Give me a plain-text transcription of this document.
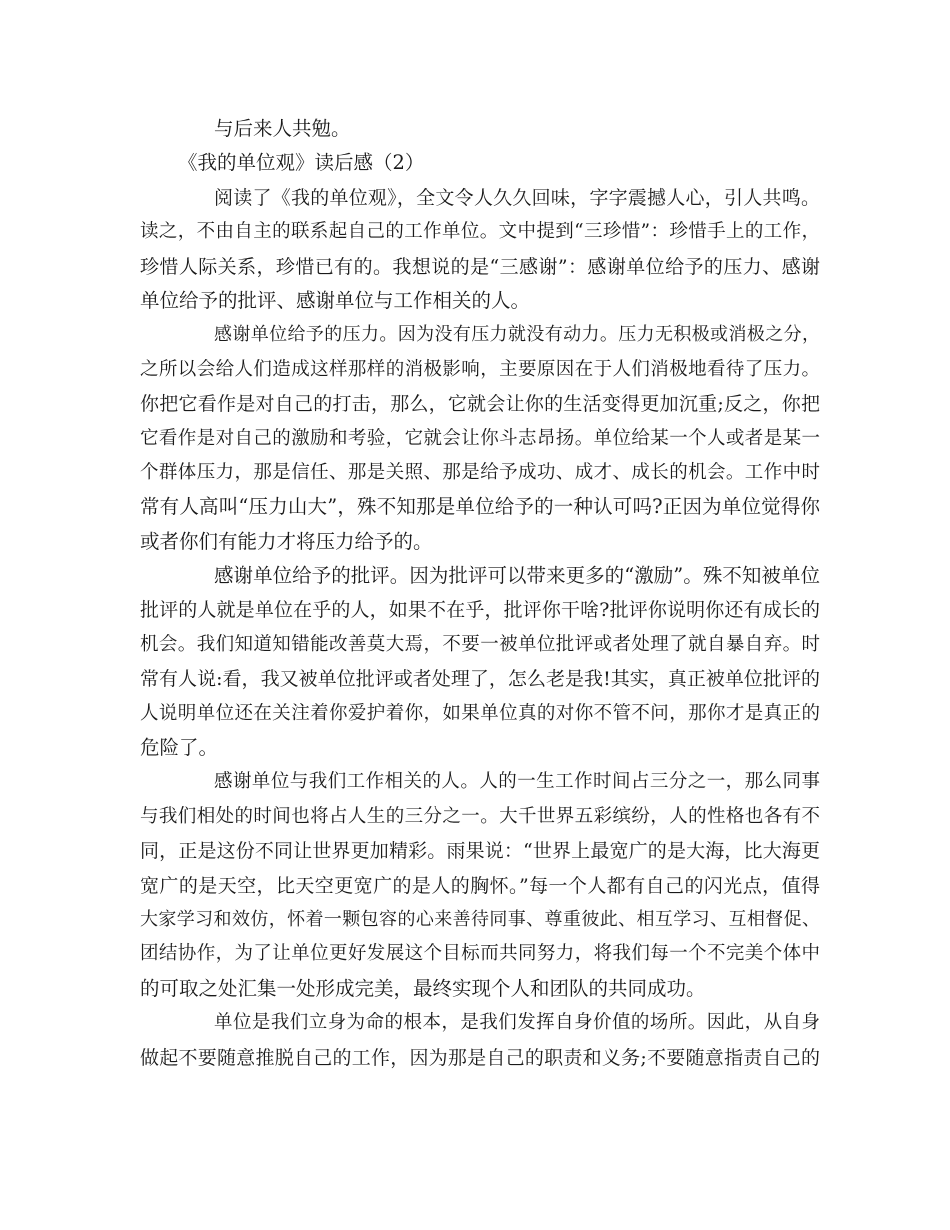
与后来人共勉。
《我的单位观》读后感（2）
阅读了《我的单位观》，全文令人久久回味，字字震撼人心，引人共鸣。
读之，不由自主的联系起自己的工作单位。文中提到“三珍惜”：珍惜手上的工作，
珍惜人际关系，珍惜已有的。我想说的是“三感谢”：感谢单位给予的压力、感谢
单位给予的批评、感谢单位与工作相关的人。
感谢单位给予的压力。因为没有压力就没有动力。压力无积极或消极之分，
之所以会给人们造成这样那样的消极影响，主要原因在于人们消极地看待了压力。
你把它看作是对自己的打击，那么，它就会让你的生活变得更加沉重;反之，你把
它看作是对自己的激励和考验，它就会让你斗志昂扬。单位给某一个人或者是某一
个群体压力，那是信任、那是关照、那是给予成功、成才、成长的机会。工作中时
常有人高叫“压力山大”，殊不知那是单位给予的一种认可吗?正因为单位觉得你
或者你们有能力才将压力给予的。
感谢单位给予的批评。因为批评可以带来更多的“激励”。殊不知被单位
批评的人就是单位在乎的人，如果不在乎，批评你干啥?批评你说明你还有成长的
机会。我们知道知错能改善莫大焉，不要一被单位批评或者处理了就自暴自弃。时
常有人说:看，我又被单位批评或者处理了，怎么老是我!其实，真正被单位批评的
人说明单位还在关注着你爱护着你，如果单位真的对你不管不问，那你才是真正的
危险了。
感谢单位与我们工作相关的人。人的一生工作时间占三分之一，那么同事
与我们相处的时间也将占人生的三分之一。大千世界五彩缤纷，人的性格也各有不
同，正是这份不同让世界更加精彩。雨果说：“世界上最宽广的是大海，比大海更
宽广的是天空，比天空更宽广的是人的胸怀。”每一个人都有自己的闪光点，值得
大家学习和效仿，怀着一颗包容的心来善待同事、尊重彼此、相互学习、互相督促、
团结协作，为了让单位更好发展这个目标而共同努力，将我们每一个不完美个体中
的可取之处汇集一处形成完美，最终实现个人和团队的共同成功。
单位是我们立身为命的根本，是我们发挥自身价值的场所。因此，从自身
做起不要随意推脱自己的工作，因为那是自己的职责和义务;不要随意指责自己的
